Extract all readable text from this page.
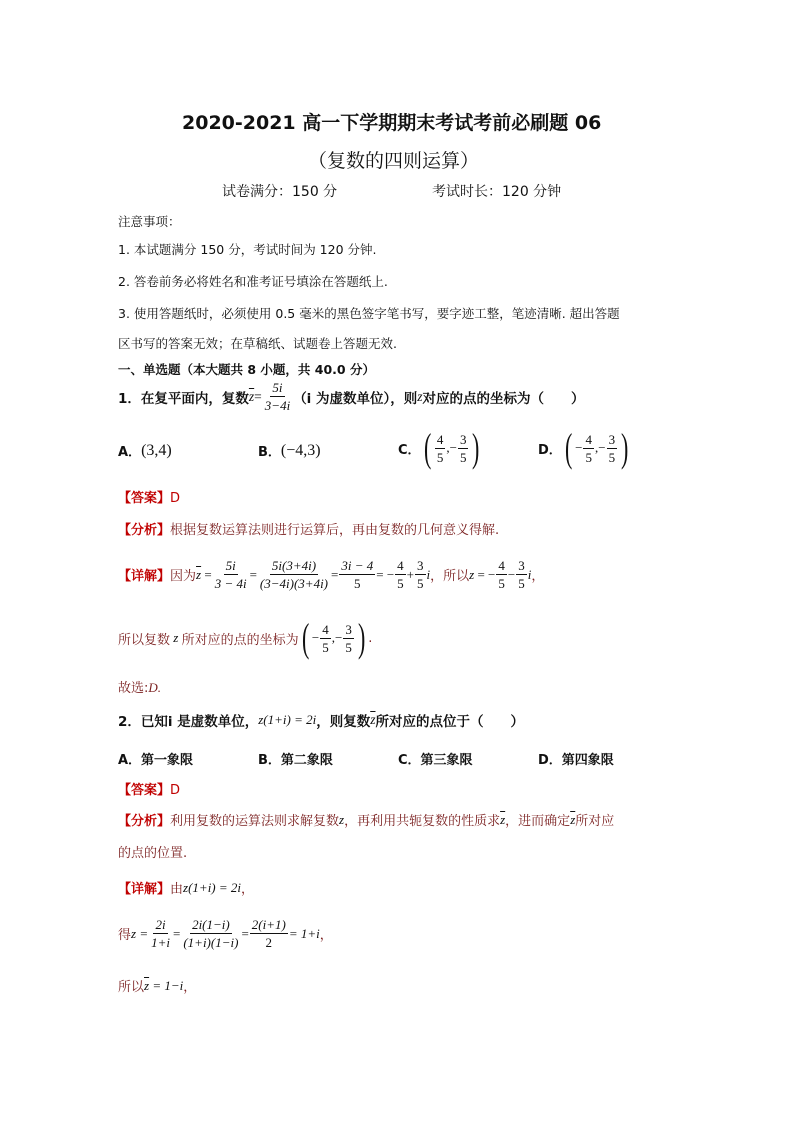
2020-2021 高一下学期期末考试考前必刷题 06
（复数的四则运算）
试卷满分：150 分	考试时长：120 分钟
注意事项：
1. 本试题满分 150 分，考试时间为 120 分钟.
2. 答卷前务必将姓名和准考证号填涂在答题纸上.
3. 使用答题纸时，必须使用 0.5 毫米的黑色签字笔书写，要字迹工整，笔迹清晰. 超出答题
区书写的答案无效；在草稿纸、试题卷上答题无效.
一、单选题（本大题共 8 小题，共 40.0 分）
1．在复平面内，复数 $\overline{z} = \frac{5i}{3-4i} (i$ 为虚数单位），则 z 对应的点的坐标为（　　）
A． (3,4)	B． (−4,3)	C． ( $\frac{4}{5}$ ,− $\frac{3}{5}$ )	D． ( − $\frac{4}{5}$ ,− $\frac{3}{5}$ )
【答案】D
【分析】根据复数运算法则进行运算后，再由复数的几何意义得解.
【详解】 因为 $\overline{z} = \frac{5i}{3 - 4i} = \frac{5i(3+4i)}{(3-4i)(3+4i)} = \frac{3i - 4}{5}$ = − $\frac{4}{5} + \frac{3}{5}$ i ，所以 z = − $\frac{4}{5} - \frac{3}{5}$ i ，
所以复数 z 所对应的点的坐标为 ( − $\frac{4}{5}$ ,− $\frac{3}{5}$ ) .
故选:D.
2．已知i 是虚数单位， z(1+i) = 2i ，则复数 $\overline{z}$ 所对应的点位于（　　）
A．第一象限	B．第二象限	C．第三象限	D．第四象限
【答案】D
【分析】 利用复数的运算法则求解复数 z ，再利用共轭复数的性质求 $\overline{z}$ ，进而确定 $\overline{z}$ 所对应
的点的位置.
【详解】 由 z(1+i) = 2i ，
得 $z = \frac{2i}{1+i} = \frac{2i(1-i)}{(1+i)(1-i)} = \frac{2(i+1)}{2} = 1+i$ ，
所以 $\overline{z}$
= 1−i ，
